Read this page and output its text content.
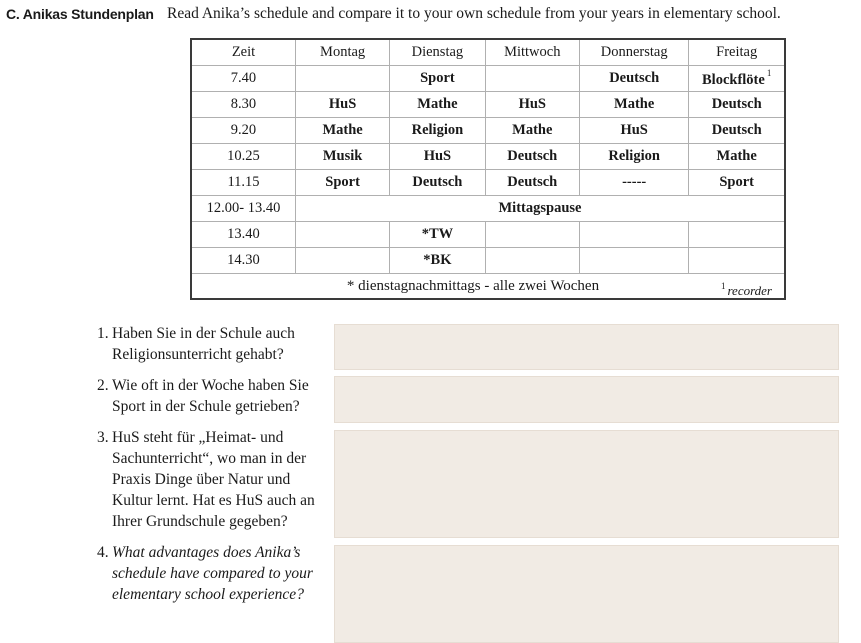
C. Anikas Stundenplan Read Anika’s schedule and compare it to your own schedule from your years in elementary school.
Zeit	Montag	Dienstag	Mittwoch	Donnerstag	Freitag
7.40		Sport		Deutsch	Blockflöte $^1$
8.30	HuS	Mathe	HuS	Mathe	Deutsch
9.20	Mathe	Religion	Mathe	HuS	Deutsch
10.25	Musik	HuS	Deutsch	Religion	Mathe
11.15	Sport	Deutsch	Deutsch	-----	Sport
12.00- 13.40	Mittagspause				
13.40		*TW			
14.30		*BK			

* dienstagnachmittags - alle zwei Wochen $^1$ recorder					
1. Haben Sie in der Schule auch Religionsunterricht gehabt?
2. Wie oft in der Woche haben Sie Sport in der Schule getrieben?
3. HuS steht für „Heimat- und Sachunterricht“, wo man in der Praxis Dinge über Natur und Kultur lernt. Hat es HuS auch an Ihrer Grundschule gegeben?
4. What advantages does Anika’s schedule have compared to your elementary school experience?
